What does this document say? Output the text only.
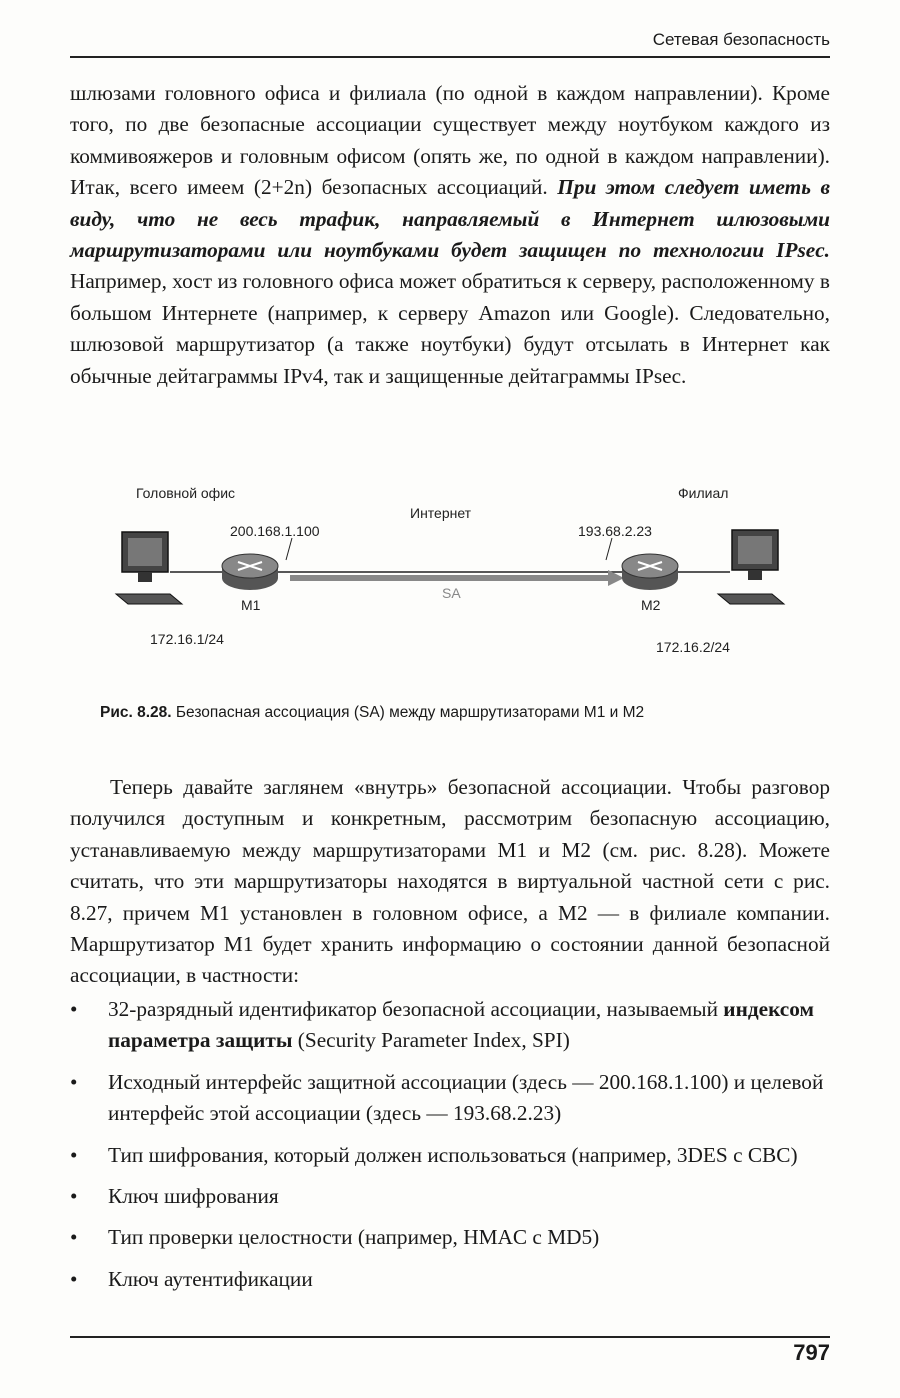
Сетевая безопасность
шлюзами головного офиса и филиала (по одной в каждом направлении). Кроме того, по две безопасные ассоциации существует между ноутбуком каждого из коммивояжеров и головным офисом (опять же, по одной в каждом направлении). Итак, всего имеем (2+2n) безопасных ассоциаций. При этом следует иметь в виду, что не весь трафик, направляемый в Интернет шлюзовыми маршрутизаторами или ноутбуками будет защищен по технологии IPsec. Например, хост из головного офиса может обратиться к серверу, расположенному в большом Интернете (например, к серверу Amazon или Google). Следовательно, шлюзовой маршрутизатор (а также ноутбуки) будут отсылать в Интернет как обычные дейтаграммы IPv4, так и защищенные дейтаграммы IPsec.
Головной офис	Филиал
Интернет
200.168.1.100	193.68.2.23
M1	M2
SA
172.16.1/24	172.16.2/24
Рис. 8.28. Безопасная ассоциация (SA) между маршрутизаторами M1 и M2
Теперь давайте заглянем «внутрь» безопасной ассоциации. Чтобы разговор получился доступным и конкретным, рассмотрим безопасную ассоциацию, устанавливаемую между маршрутизаторами M1 и M2 (см. рис. 8.28). Можете считать, что эти маршрутизаторы находятся в виртуальной частной сети с рис. 8.27, причем M1 установлен в головном офисе, а M2 — в филиале компании. Маршрутизатор M1 будет хранить информацию о состоянии данной безопасной ассоциации, в частности:
• 32-разрядный идентификатор безопасной ассоциации, называемый индексом параметра защиты (Security Parameter Index, SPI)
• Исходный интерфейс защитной ассоциации (здесь — 200.168.1.100) и целевой интерфейс этой ассоциации (здесь — 193.68.2.23)
• Тип шифрования, который должен использоваться (например, 3DES с CBC)
• Ключ шифрования
• Тип проверки целостности (например, HMAC с MD5)
• Ключ аутентификации
797
